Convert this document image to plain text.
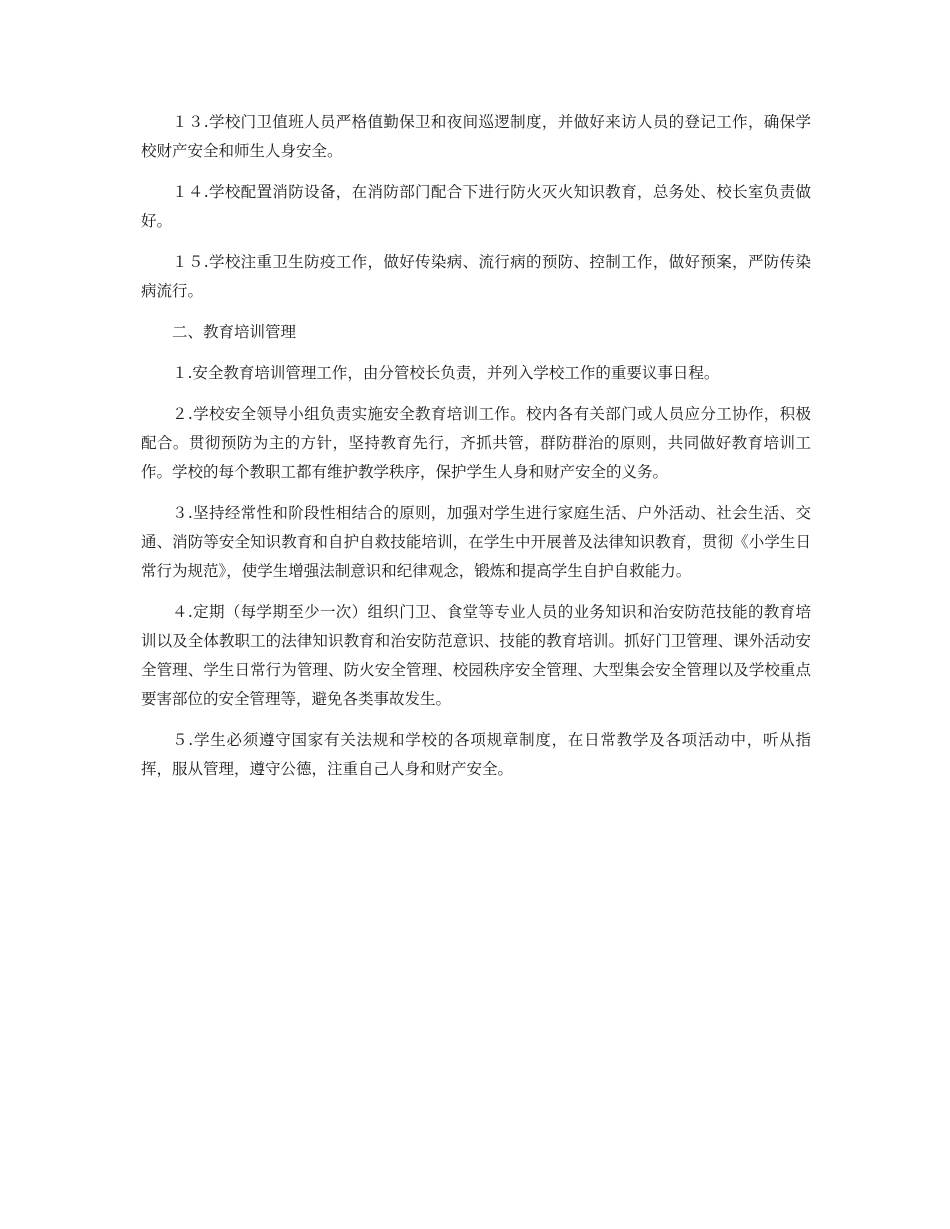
１３.学校门卫值班人员严格值勤保卫和夜间巡逻制度，并做好来访人员的登记工作，确保学校财产安全和师生人身安全。

１４.学校配置消防设备，在消防部门配合下进行防火灭火知识教育，总务处、校长室负责做好。

１５.学校注重卫生防疫工作，做好传染病、流行病的预防、控制工作，做好预案，严防传染病流行。

二、教育培训管理

１.安全教育培训管理工作，由分管校长负责，并列入学校工作的重要议事日程。

２.学校安全领导小组负责实施安全教育培训工作。校内各有关部门或人员应分工协作，积极配合。贯彻预防为主的方针，坚持教育先行，齐抓共管，群防群治的原则，共同做好教育培训工作。学校的每个教职工都有维护教学秩序，保护学生人身和财产安全的义务。

３.坚持经常性和阶段性相结合的原则，加强对学生进行家庭生活、户外活动、社会生活、交通、消防等安全知识教育和自护自救技能培训，在学生中开展普及法律知识教育，贯彻《小学生日常行为规范》，使学生增强法制意识和纪律观念，锻炼和提高学生自护自救能力。

４.定期（每学期至少一次）组织门卫、食堂等专业人员的业务知识和治安防范技能的教育培训以及全体教职工的法律知识教育和治安防范意识、技能的教育培训。抓好门卫管理、课外活动安全管理、学生日常行为管理、防火安全管理、校园秩序安全管理、大型集会安全管理以及学校重点要害部位的安全管理等，避免各类事故发生。

５.学生必须遵守国家有关法规和学校的各项规章制度，在日常教学及各项活动中，听从指挥，服从管理，遵守公德，注重自己人身和财产安全。
